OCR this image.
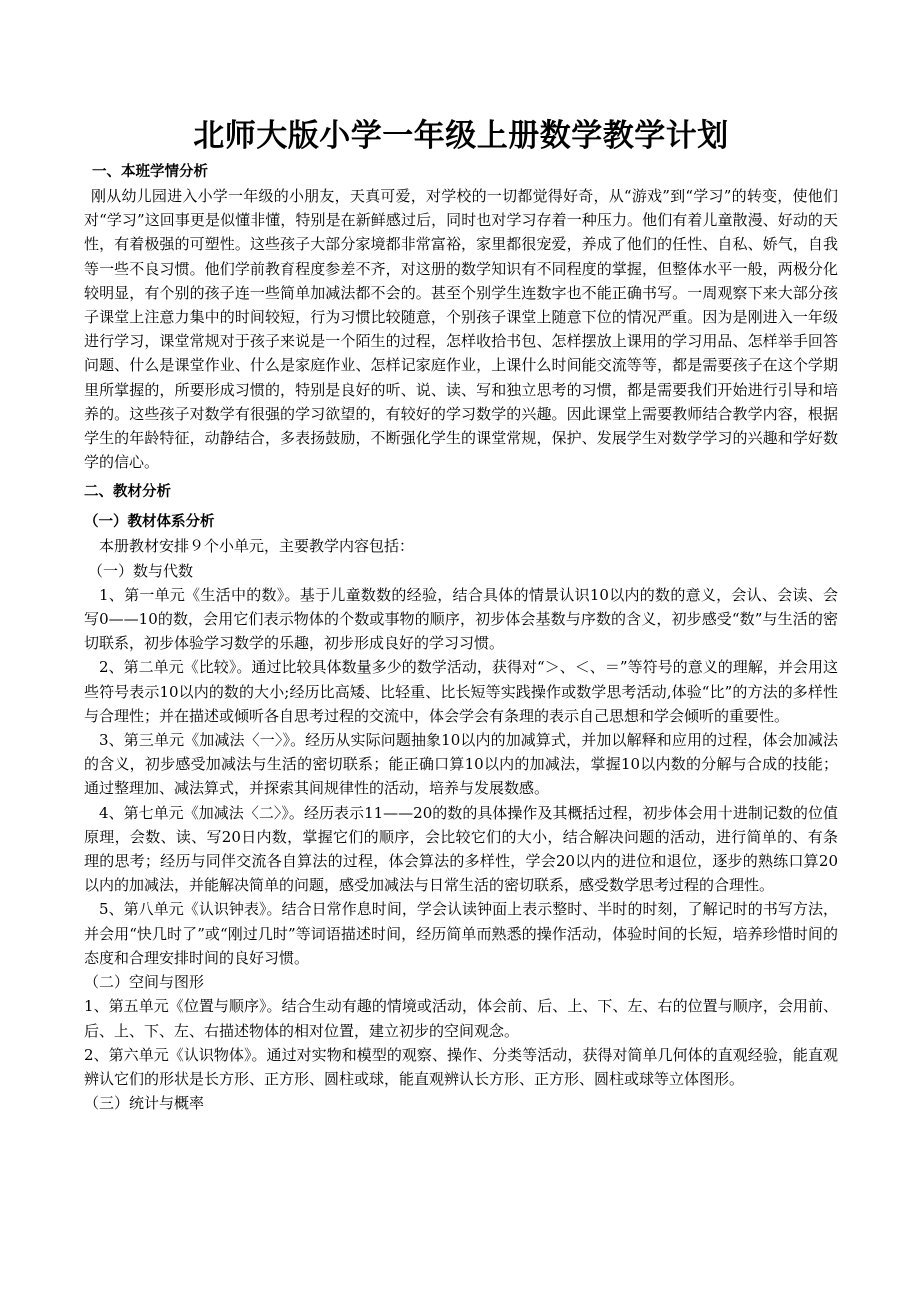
北师大版小学一年级上册数学教学计划
一、本班学情分析

刚从幼儿园进入小学一年级的小朋友，天真可爱，对学校的一切都觉得好奇，从“游戏”到“学习”的转变，使他们对“学习”这回事更是似懂非懂，特别是在新鲜感过后，同时也对学习存着一种压力。他们有着儿童散漫、好动的天性，有着极强的可塑性。这些孩子大部分家境都非常富裕，家里都很宠爱，养成了他们的任性、自私、娇气，自我等一些不良习惯。他们学前教育程度参差不齐，对这册的数学知识有不同程度的掌握，但整体水平一般，两极分化较明显，有个别的孩子连一些简单加减法都不会的。甚至个别学生连数字也不能正确书写。一周观察下来大部分孩子课堂上注意力集中的时间较短，行为习惯比较随意，个别孩子课堂上随意下位的情况严重。因为是刚进入一年级进行学习，课堂常规对于孩子来说是一个陌生的过程，怎样收拾书包、怎样摆放上课用的学习用品、怎样举手回答问题、什么是课堂作业、什么是家庭作业、怎样记家庭作业，上课什么时间能交流等等，都是需要孩子在这个学期里所掌握的，所要形成习惯的，特别是良好的听、说、读、写和独立思考的习惯，都是需要我们开始进行引导和培养的。这些孩子对数学有很强的学习欲望的，有较好的学习数学的兴趣。因此课堂上需要教师结合教学内容，根据学生的年龄特征，动静结合，多表扬鼓励，不断强化学生的课堂常规，保护、发展学生对数学学习的兴趣和学好数学的信心。

二、教材分析
（一）教材体系分析

本册教材安排９个小单元，主要教学内容包括：

（一）数与代数

1、第一单元《生活中的数》。基于儿童数数的经验，结合具体的情景认识10以内的数的意义，会认、会读、会写0——10的数，会用它们表示物体的个数或事物的顺序，初步体会基数与序数的含义，初步感受“数”与生活的密切联系，初步体验学习数学的乐趣，初步形成良好的学习习惯。

2、第二单元《比较》。通过比较具体数量多少的数学活动，获得对“＞、＜、＝”等符号的意义的理解，并会用这些符号表示10以内的数的大小;经历比高矮、比轻重、比长短等实践操作或数学思考活动,体验“比”的方法的多样性与合理性；并在描述或倾听各自思考过程的交流中，体会学会有条理的表示自己思想和学会倾听的重要性。

3、第三单元《加减法〈一〉》。经历从实际问题抽象10以内的加减算式，并加以解释和应用的过程，体会加减法的含义，初步感受加减法与生活的密切联系；能正确口算10以内的加减法，掌握10以内数的分解与合成的技能；通过整理加、减法算式，并探索其间规律性的活动，培养与发展数感。

4、第七单元《加减法〈二〉》。经历表示11——20的数的具体操作及其概括过程，初步体会用十进制记数的位值原理，会数、读、写20日内数，掌握它们的顺序，会比较它们的大小，结合解决问题的活动，进行简单的、有条理的思考；经历与同伴交流各自算法的过程，体会算法的多样性，学会20以内的进位和退位，逐步的熟练口算20以内的加减法，并能解决简单的问题，感受加减法与日常生活的密切联系，感受数学思考过程的合理性。

5、第八单元《认识钟表》。结合日常作息时间，学会认读钟面上表示整时、半时的时刻，了解记时的书写方法，并会用“快几时了”或“刚过几时”等词语描述时间，经历简单而熟悉的操作活动，体验时间的长短，培养珍惜时间的态度和合理安排时间的良好习惯。

（二）空间与图形

1、第五单元《位置与顺序》。结合生动有趣的情境或活动，体会前、后、上、下、左、右的位置与顺序，会用前、后、上、下、左、右描述物体的相对位置，建立初步的空间观念。

2、第六单元《认识物体》。通过对实物和模型的观察、操作、分类等活动，获得对简单几何体的直观经验，能直观辨认它们的形状是长方形、正方形、圆柱或球，能直观辨认长方形、正方形、圆柱或球等立体图形。

（三）统计与概率
